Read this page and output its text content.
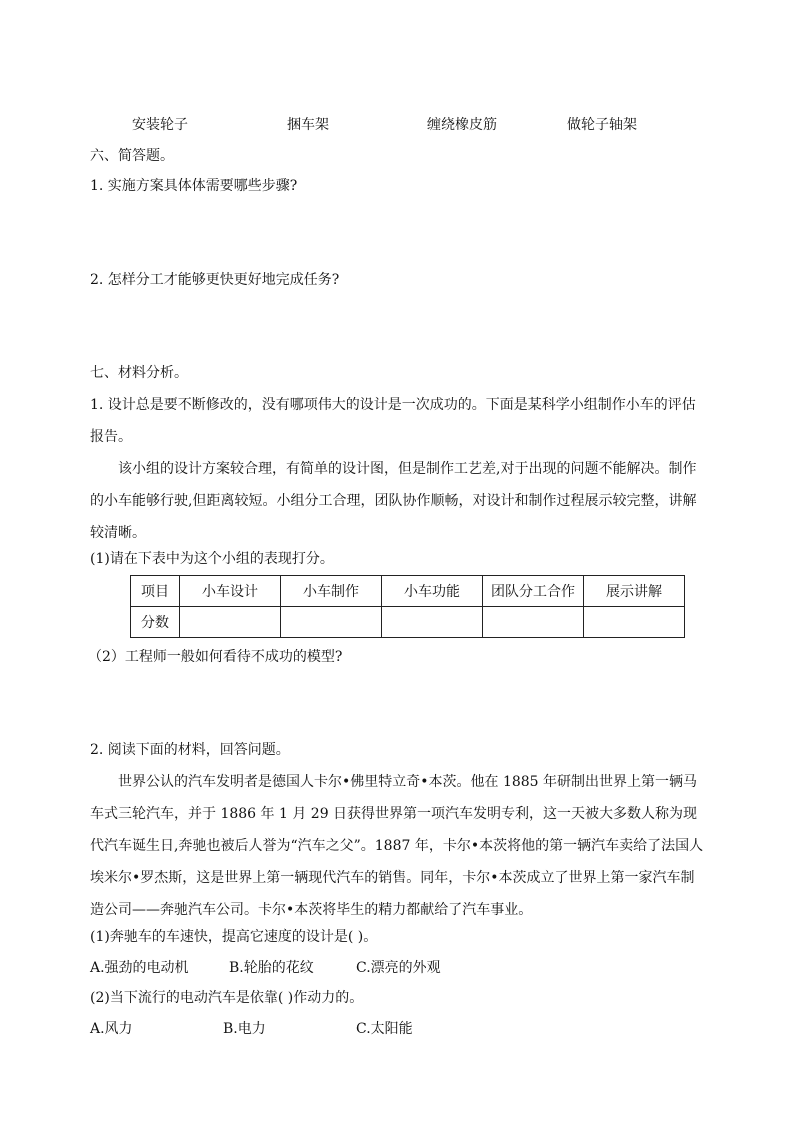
安装轮子	捆车架	缠绕橡皮筋	做轮子轴架
六、简答题。
1. 实施方案具体体需要哪些步骤?
2. 怎样分工才能够更快更好地完成任务?
七、材料分析。
1. 设计总是要不断修改的，没有哪项伟大的设计是一次成功的。下面是某科学小组制作小车的评估报告。
该小组的设计方案较合理，有简单的设计图，但是制作工艺差,对于出现的问题不能解决。制作的小车能够行驶,但距离较短。小组分工合理，团队协作顺畅，对设计和制作过程展示较完整，讲解较清晰。
(1)请在下表中为这个小组的表现打分。
项目	小车设计	小车制作	小车功能	团队分工合作	展示讲解
分数					
（2）工程师一般如何看待不成功的模型?
2. 阅读下面的材料，回答问题。
世界公认的汽车发明者是德国人卡尔•佛里特立奇•本茨。他在 1885 年研制出世界上第一辆马车式三轮汽车，并于 1886 年 1 月 29 日获得世界第一项汽车发明专利，这一天被大多数人称为现代汽车诞生日,奔驰也被后人誉为“汽车之父”。1887 年，卡尔•本茨将他的第一辆汽车卖给了法国人埃米尔•罗杰斯，这是世界上第一辆现代汽车的销售。同年，卡尔•本茨成立了世界上第一家汽车制造公司——奔驰汽车公司。卡尔•本茨将毕生的精力都献给了汽车事业。
(1)奔驰车的车速快，提高它速度的设计是( )。
A.强劲的电动机	B.轮胎的花纹	C.漂亮的外观
(2)当下流行的电动汽车是依靠( )作动力的。
A.风力	B.电力	C.太阳能
